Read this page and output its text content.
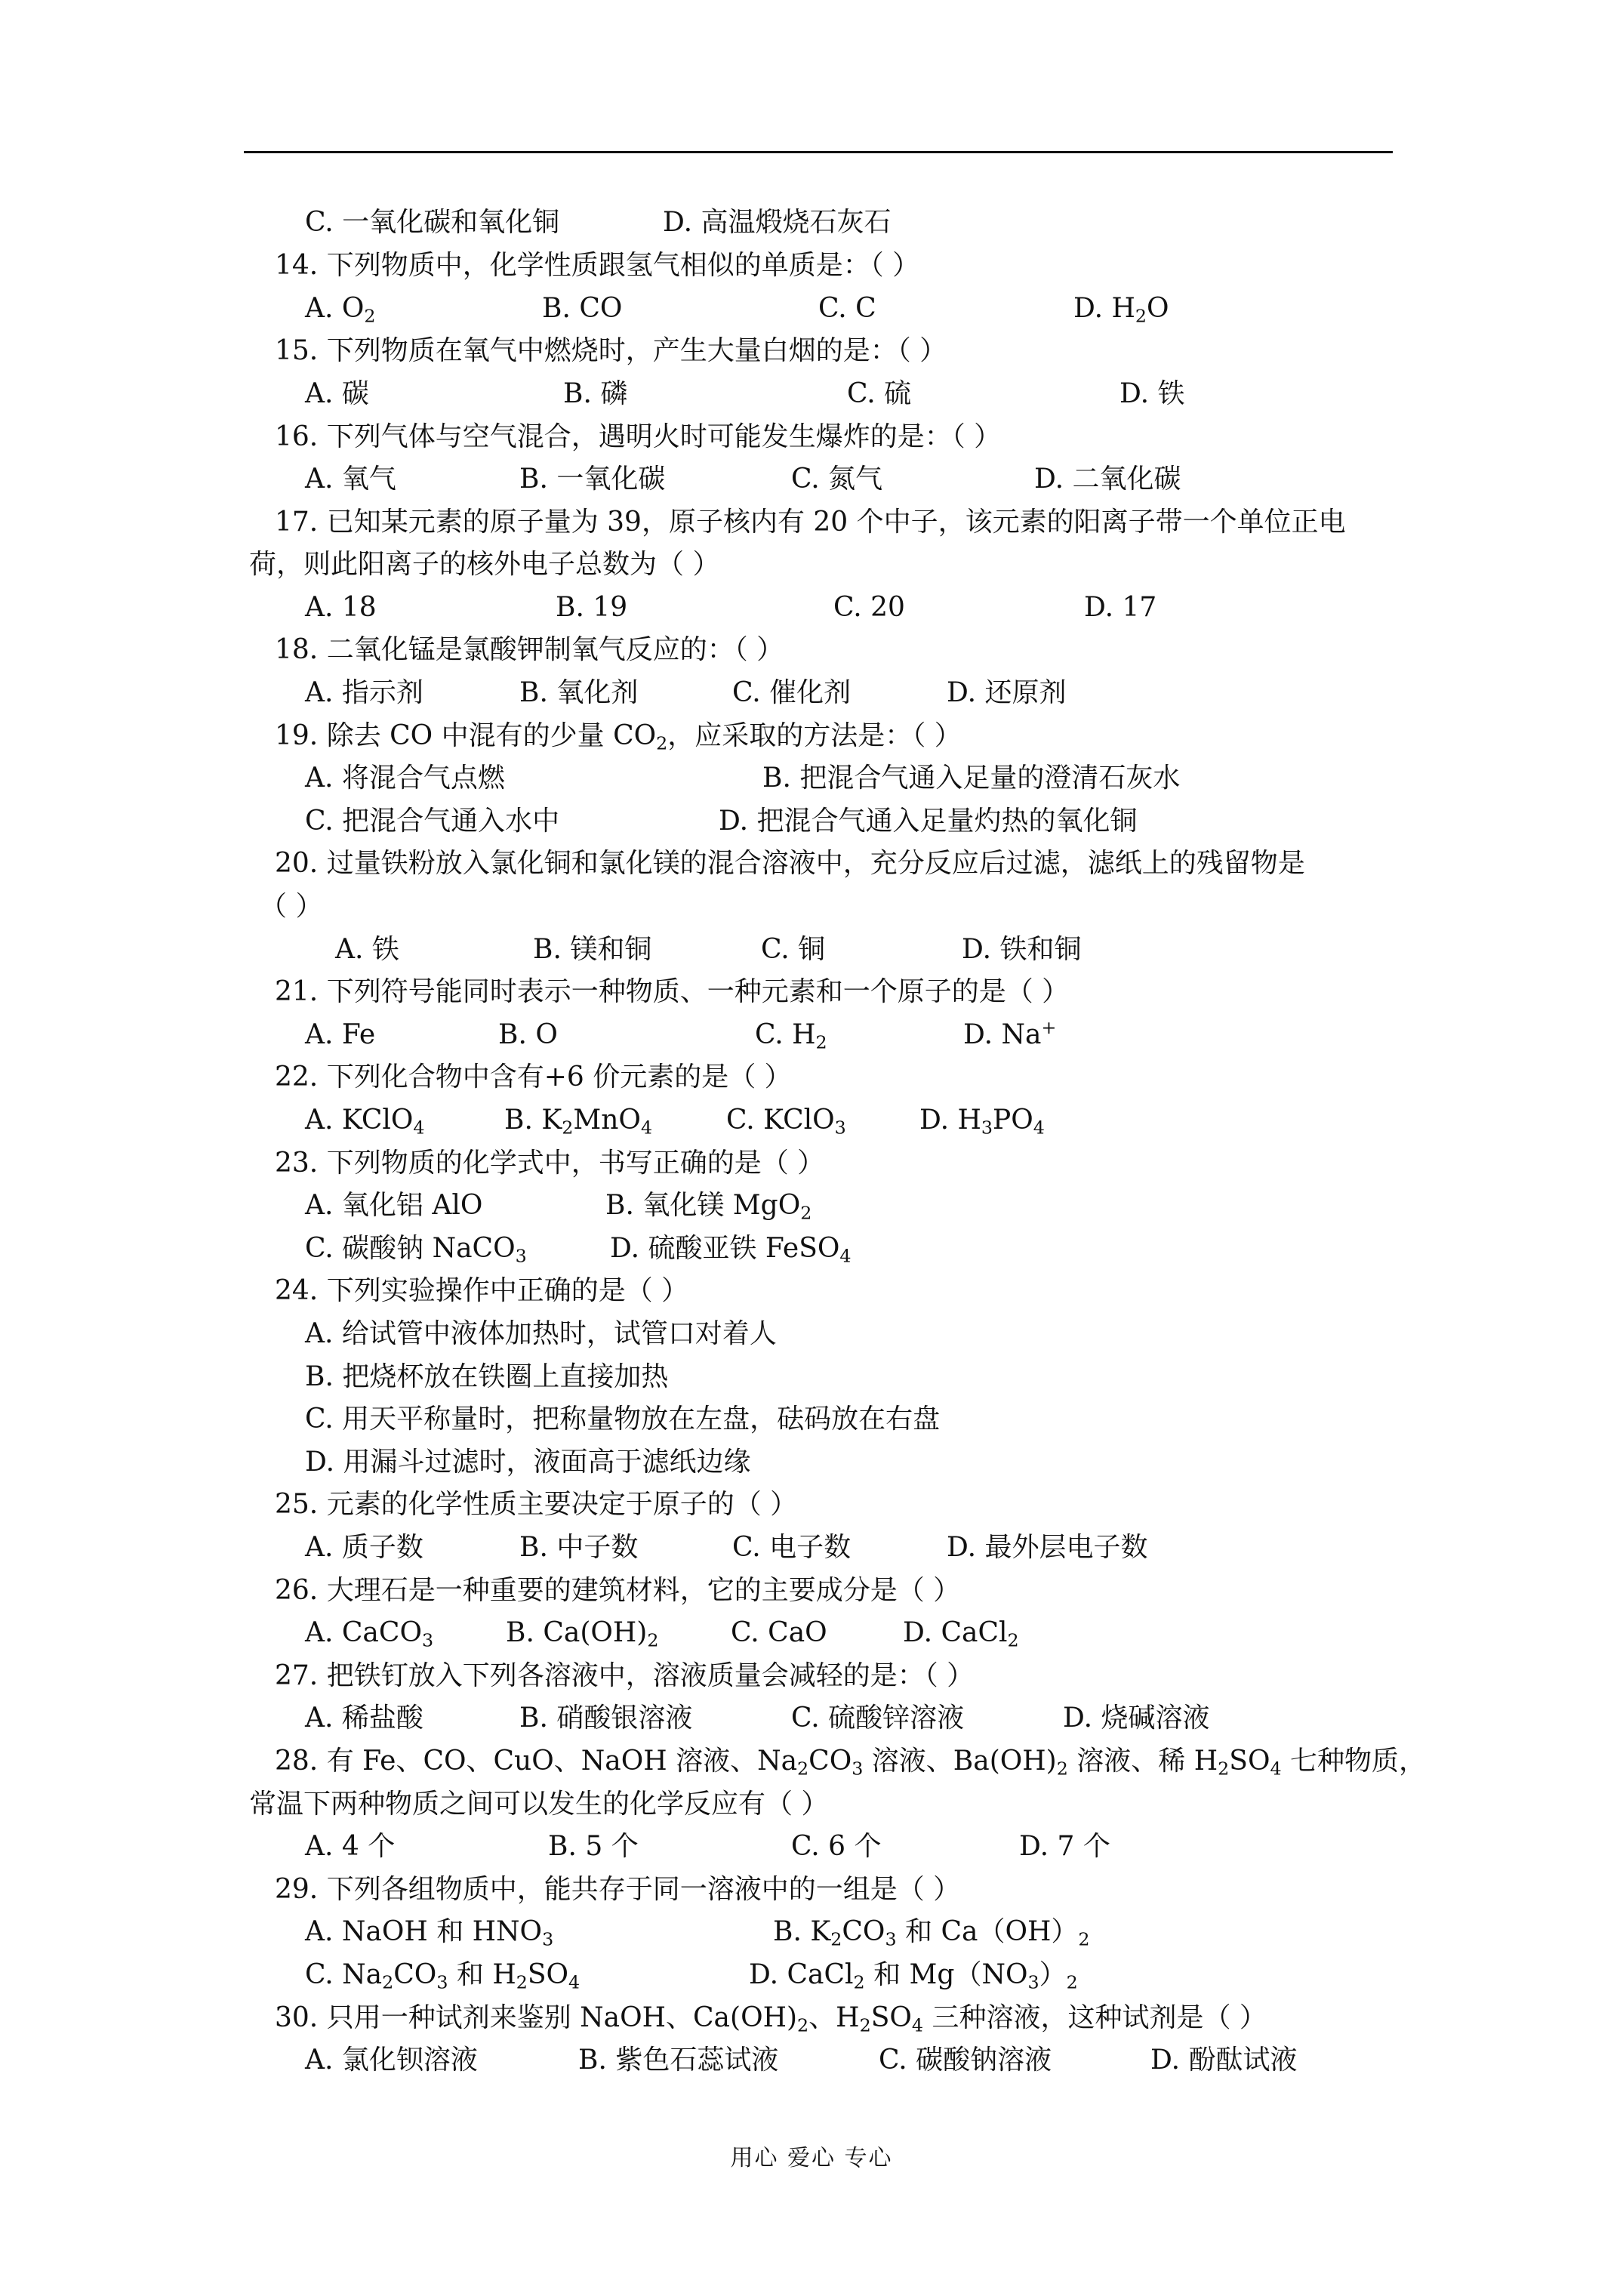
C. 一氧化碳和氧化铜	D. 高温煅烧石灰石
14. 下列物质中，化学性质跟氢气相似的单质是：（ ）
A. $O_2$	B. CO	C. C	D. $H_2O$
15. 下列物质在氧气中燃烧时，产生大量白烟的是：（ ）
A. 碳	B. 磷	C. 硫	D. 铁
16. 下列气体与空气混合，遇明火时可能发生爆炸的是：（ ）
A. 氧气	B. 一氧化碳	C. 氮气	D. 二氧化碳
17. 已知某元素的原子量为 39，原子核内有 20 个中子，该元素的阳离子带一个单位正电
荷，则此阳离子的核外电子总数为（ ）
A. 18	B. 19	C. 20	D. 17
18. 二氧化锰是氯酸钾制氧气反应的：（ ）
A. 指示剂	B. 氧化剂	C. 催化剂	D. 还原剂
19. 除去 CO 中混有的少量 $CO_2$，应采取的方法是：（ ）
A. 将混合气点燃	B. 把混合气通入足量的澄清石灰水
C. 把混合气通入水中	D. 把混合气通入足量灼热的氧化铜
20. 过量铁粉放入氯化铜和氯化镁的混合溶液中，充分反应后过滤，滤纸上的残留物是
（ ）
A. 铁	B. 镁和铜	C. 铜	D. 铁和铜
21. 下列符号能同时表示一种物质、一种元素和一个原子的是（ ）
A. Fe	B. O	C. $H_2$	D. Na+
22. 下列化合物中含有+6 价元素的是（ ）
A. KClO$_4$	B. $K_2MnO_4$	C. KClO$_3$	D. $H_3PO_4$
23. 下列物质的化学式中，书写正确的是（ ）
A. 氧化铝 AlO	B. 氧化镁 MgO$_2$
C. 碳酸钠 NaCO$_3$	D. 硫酸亚铁 FeSO$_4$
24. 下列实验操作中正确的是（ ）
A. 给试管中液体加热时，试管口对着人
B. 把烧杯放在铁圈上直接加热
C. 用天平称量时，把称量物放在左盘，砝码放在右盘
D. 用漏斗过滤时，液面高于滤纸边缘
25. 元素的化学性质主要决定于原子的（ ）
A. 质子数	B. 中子数	C. 电子数	D. 最外层电子数
26. 大理石是一种重要的建筑材料，它的主要成分是（ ）
A. CaCO$_3$	B. $Ca(OH)_2$	C. CaO	D. CaCl$_2$
27. 把铁钉放入下列各溶液中，溶液质量会减轻的是：（ ）
A. 稀盐酸	B. 硝酸银溶液	C. 硫酸锌溶液	D. 烧碱溶液
28. 有 Fe、CO、CuO、NaOH 溶液、$Na_2CO_3$ 溶液、$Ba(OH)_2$ 溶液、稀 $H_2SO_4$ 七种物质，
常温下两种物质之间可以发生的化学反应有（ ）
A. 4 个	B. 5 个	C. 6 个	D. 7 个
29. 下列各组物质中，能共存于同一溶液中的一组是（ ）
A. NaOH 和 $HNO_3$	B. $K_2CO_3$ 和 $Ca(OH)_2$
C. $Na_2CO_3$ 和 $H_2SO_4$	D. CaCl$_2$ 和 $Mg(NO_3)_2$
30. 只用一种试剂来鉴别 NaOH、$Ca(OH)_2$、$H_2SO_4$ 三种溶液，这种试剂是（ ）
A. 氯化钡溶液	B. 紫色石蕊试液	C. 碳酸钠溶液	D. 酚酞试液
用心 爱心 专心
